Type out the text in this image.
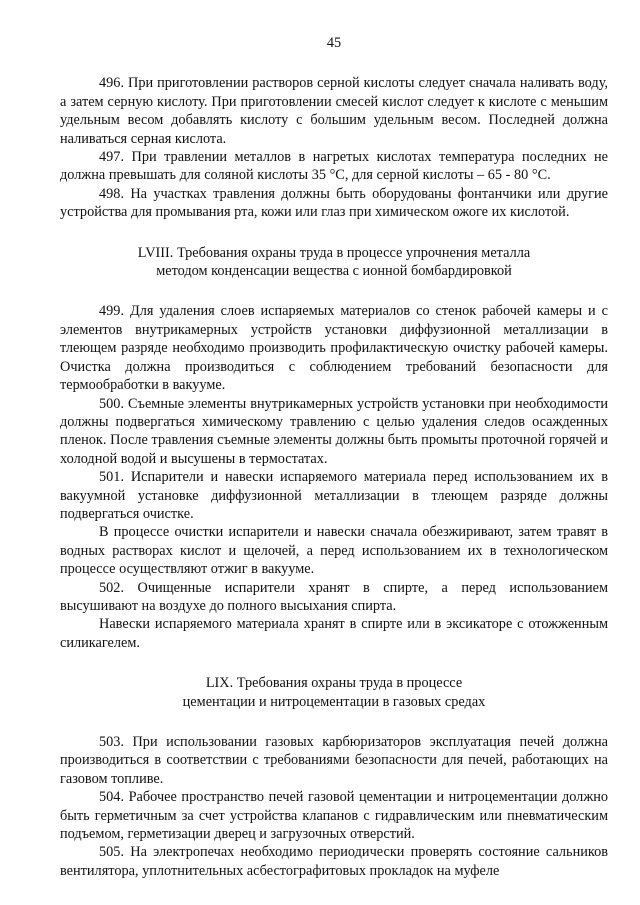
45

496. При приготовлении растворов серной кислоты следует сначала наливать воду, а затем серную кислоту. При приготовлении смесей кислот следует к кислоте с меньшим удельным весом добавлять кислоту с большим удельным весом. Последней должна наливаться серная кислота.

497. При травлении металлов в нагретых кислотах температура последних не должна превышать для соляной кислоты 35 °С, для серной кислоты – 65 - 80 °С.

498. На участках травления должны быть оборудованы фонтанчики или другие устройства для промывания рта, кожи или глаз при химическом ожоге их кислотой.

LVIII. Требования охраны труда в процессе упрочнения металла
методом конденсации вещества с ионной бомбардировкой

499. Для удаления слоев испаряемых материалов со стенок рабочей камеры и с элементов внутрикамерных устройств установки диффузионной металлизации в тлеющем разряде необходимо производить профилактическую очистку рабочей камеры. Очистка должна производиться с соблюдением требований безопасности для термообработки в вакууме.

500. Съемные элементы внутрикамерных устройств установки при необходимости должны подвергаться химическому травлению с целью удаления следов осажденных пленок. После травления съемные элементы должны быть промыты проточной горячей и холодной водой и высушены в термостатах.

501. Испарители и навески испаряемого материала перед использованием их в вакуумной установке диффузионной металлизации в тлеющем разряде должны подвергаться очистке.

В процессе очистки испарители и навески сначала обезжиривают, затем травят в водных растворах кислот и щелочей, а перед использованием их в технологическом процессе осуществляют отжиг в вакууме.

502. Очищенные испарители хранят в спирте, а перед использованием высушивают на воздухе до полного высыхания спирта.

Навески испаряемого материала хранят в спирте или в эксикаторе с отожженным силикагелем.

LIX. Требования охраны труда в процессе
цементации и нитроцементации в газовых средах

503. При использовании газовых карбюризаторов эксплуатация печей должна производиться в соответствии с требованиями безопасности для печей, работающих на газовом топливе.

504. Рабочее пространство печей газовой цементации и нитроцементации должно быть герметичным за счет устройства клапанов с гидравлическим или пневматическим подъемом, герметизации дверец и загрузочных отверстий.

505. На электропечах необходимо периодически проверять состояние сальников вентилятора, уплотнительных асбестографитовых прокладок на муфеле
